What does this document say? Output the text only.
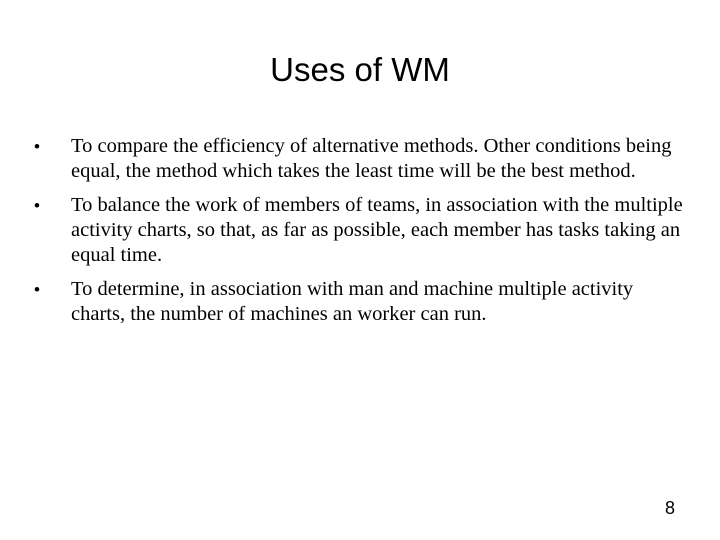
Uses of WM
• To compare the efficiency of alternative methods. Other conditions being equal, the method which takes the least time will be the best method.
• To balance the work of members of teams, in association with the multiple activity charts, so that, as far as possible, each member has tasks taking an equal time.
• To determine, in association with man and machine multiple activity charts, the number of machines an worker can run.
8
